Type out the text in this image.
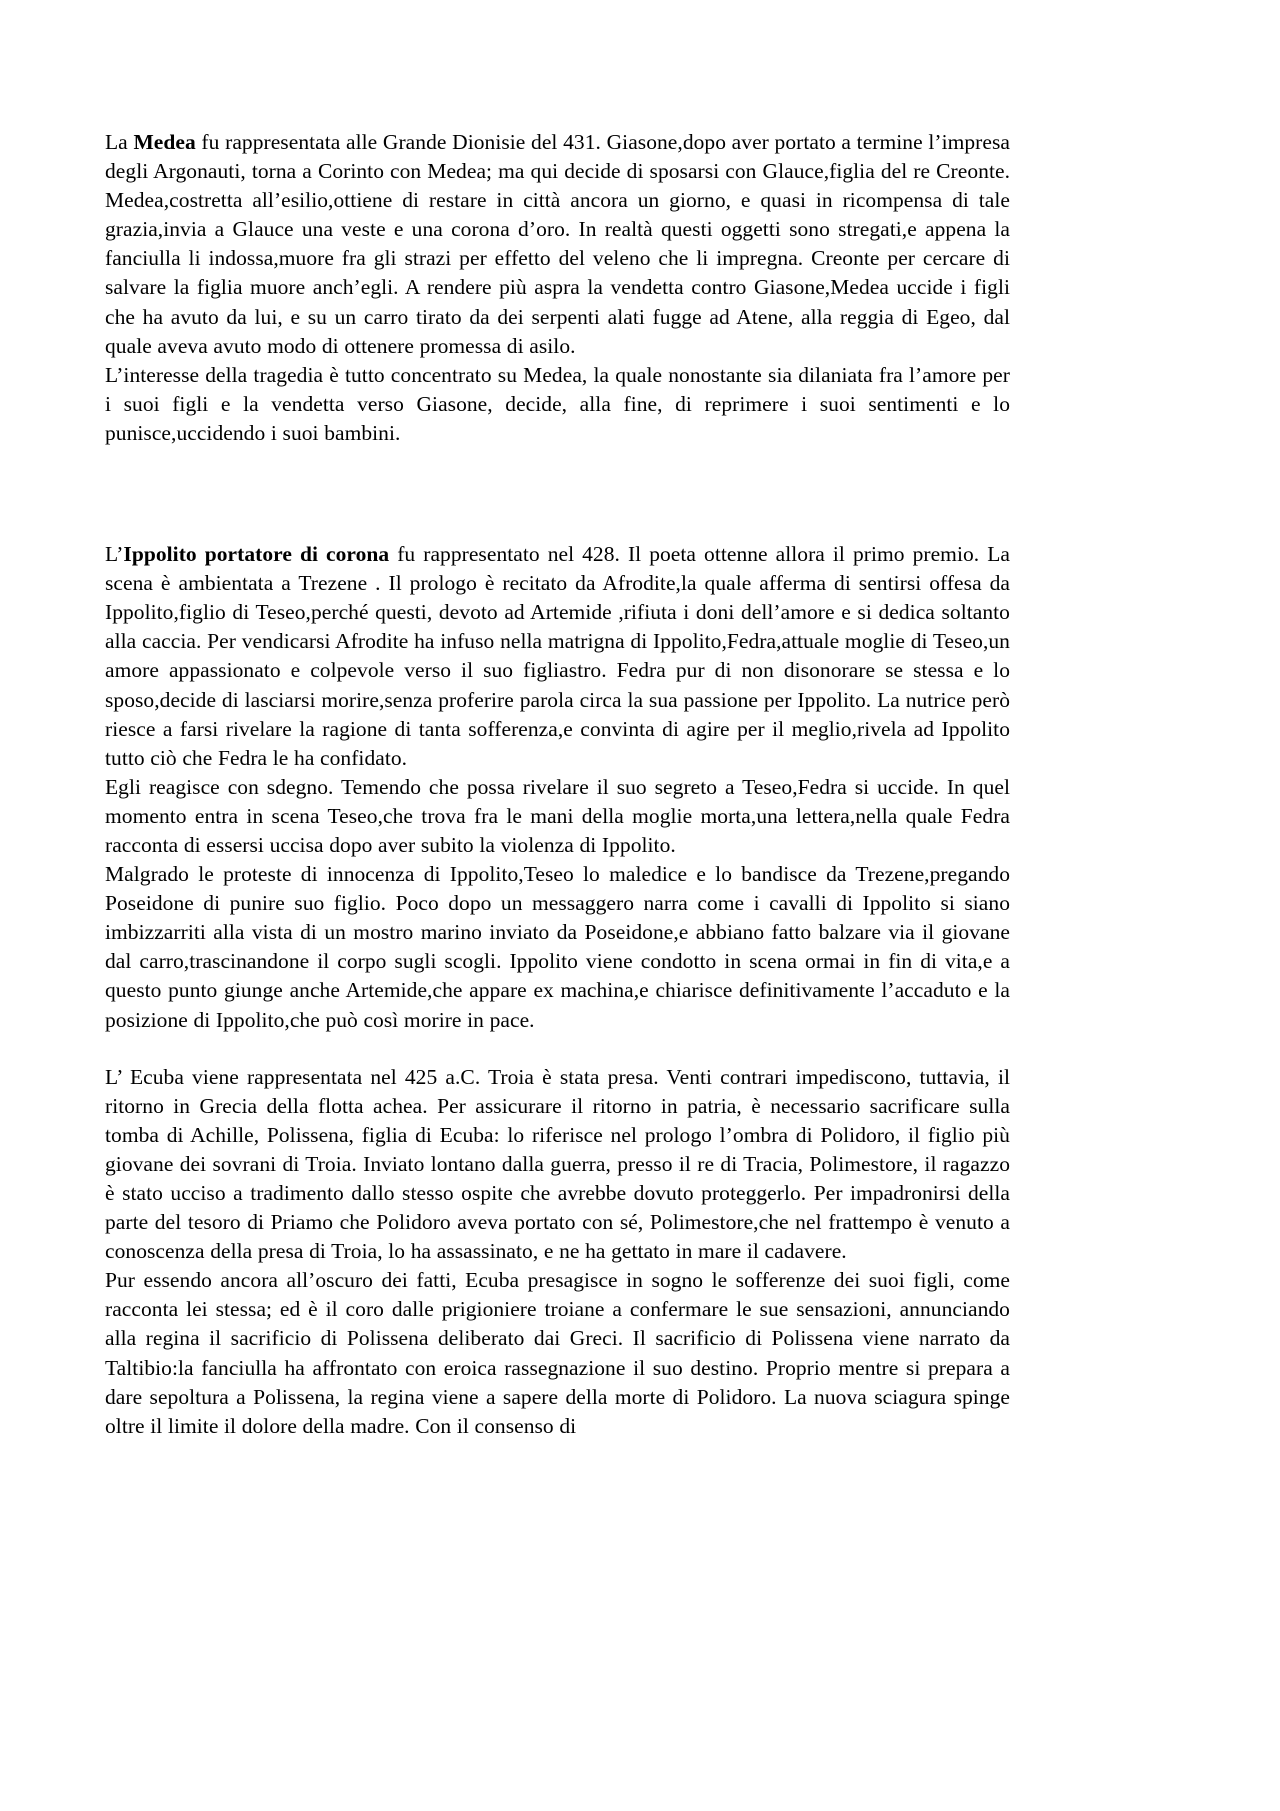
La Medea fu rappresentata alle Grande Dionisie del 431. Giasone,dopo aver portato a termine l’impresa degli Argonauti, torna a Corinto con Medea; ma qui decide di sposarsi con Glauce,figlia del re Creonte. Medea,costretta all’esilio,ottiene di restare in città ancora un giorno, e quasi in ricompensa di tale grazia,invia a Glauce una veste e una corona d’oro. In realtà questi oggetti sono stregati,e appena la fanciulla li indossa,muore fra gli strazi per effetto del veleno che li impregna. Creonte per cercare di salvare la figlia muore anch’egli. A rendere più aspra la vendetta contro Giasone,Medea uccide i figli che ha avuto da lui, e su un carro tirato da dei serpenti alati fugge ad Atene, alla reggia di Egeo, dal quale aveva avuto modo di ottenere promessa di asilo.

L’interesse della tragedia è tutto concentrato su Medea, la quale nonostante sia dilaniata fra l’amore per i suoi figli e la vendetta verso Giasone, decide, alla fine, di reprimere i suoi sentimenti e lo punisce,uccidendo i suoi bambini.

L’Ippolito portatore di corona fu rappresentato nel 428. Il poeta ottenne allora il primo premio. La scena è ambientata a Trezene . Il prologo è recitato da Afrodite,la quale afferma di sentirsi offesa da Ippolito,figlio di Teseo,perché questi, devoto ad Artemide ,rifiuta i doni dell’amore e si dedica soltanto alla caccia. Per vendicarsi Afrodite ha infuso nella matrigna di Ippolito,Fedra,attuale moglie di Teseo,un amore appassionato e colpevole verso il suo figliastro. Fedra pur di non disonorare se stessa e lo sposo,decide di lasciarsi morire,senza proferire parola circa la sua passione per Ippolito. La nutrice però riesce a farsi rivelare la ragione di tanta sofferenza,e convinta di agire per il meglio,rivela ad Ippolito tutto ciò che Fedra le ha confidato.

Egli reagisce con sdegno. Temendo che possa rivelare il suo segreto a Teseo,Fedra si uccide. In quel momento entra in scena Teseo,che trova fra le mani della moglie morta,una lettera,nella quale Fedra racconta di essersi uccisa dopo aver subito la violenza di Ippolito.

Malgrado le proteste di innocenza di Ippolito,Teseo lo maledice e lo bandisce da Trezene,pregando Poseidone di punire suo figlio. Poco dopo un messaggero narra come i cavalli di Ippolito si siano imbizzarriti alla vista di un mostro marino inviato da Poseidone,e abbiano fatto balzare via il giovane dal carro,trascinandone il corpo sugli scogli. Ippolito viene condotto in scena ormai in fin di vita,e a questo punto giunge anche Artemide,che appare ex machina,e chiarisce definitivamente l’accaduto e la posizione di Ippolito,che può così morire in pace.

L’ Ecuba viene rappresentata nel 425 a.C. Troia è stata presa. Venti contrari impediscono, tuttavia, il ritorno in Grecia della flotta achea. Per assicurare il ritorno in patria, è necessario sacrificare sulla tomba di Achille, Polissena, figlia di Ecuba: lo riferisce nel prologo l’ombra di Polidoro, il figlio più giovane dei sovrani di Troia. Inviato lontano dalla guerra, presso il re di Tracia, Polimestore, il ragazzo è stato ucciso a tradimento dallo stesso ospite che avrebbe dovuto proteggerlo. Per impadronirsi della parte del tesoro di Priamo che Polidoro aveva portato con sé, Polimestore,che nel frattempo è venuto a conoscenza della presa di Troia, lo ha assassinato, e ne ha gettato in mare il cadavere.

Pur essendo ancora all’oscuro dei fatti, Ecuba presagisce in sogno le sofferenze dei suoi figli, come racconta lei stessa; ed è il coro dalle prigioniere troiane a confermare le sue sensazioni, annunciando alla regina il sacrificio di Polissena deliberato dai Greci. Il sacrificio di Polissena viene narrato da Taltibio:la fanciulla ha affrontato con eroica rassegnazione il suo destino. Proprio mentre si prepara a dare sepoltura a Polissena, la regina viene a sapere della morte di Polidoro. La nuova sciagura spinge oltre il limite il dolore della madre. Con il consenso di
